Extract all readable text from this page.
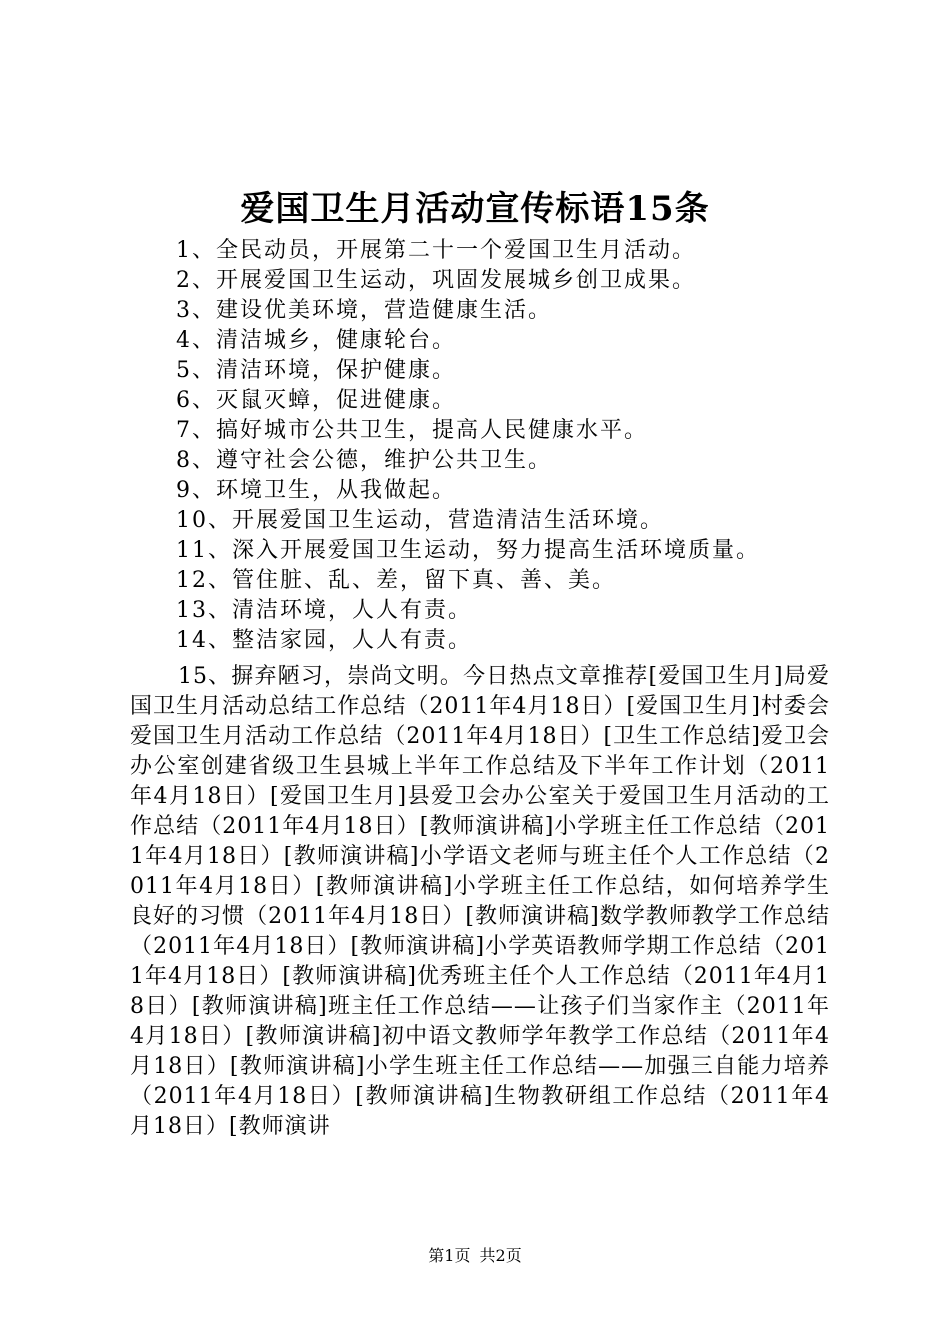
爱国卫生月活动宣传标语15条
1、全民动员，开展第二十一个爱国卫生月活动。
2、开展爱国卫生运动，巩固发展城乡创卫成果。
3、建设优美环境，营造健康生活。
4、清洁城乡，健康轮台。
5、清洁环境，保护健康。
6、灭鼠灭蟑，促进健康。
7、搞好城市公共卫生，提高人民健康水平。
8、遵守社会公德，维护公共卫生。
9、环境卫生，从我做起。
10、开展爱国卫生运动，营造清洁生活环境。
11、深入开展爱国卫生运动，努力提高生活环境质量。
12、管住脏、乱、差，留下真、善、美。
13、清洁环境，人人有责。
14、整洁家园，人人有责。

15、摒弃陋习，崇尚文明。今日热点文章推荐[爱国卫生月]局爱国卫生月活动总结工作总结（2011年4月18日）[爱国卫生月]村委会爱国卫生月活动工作总结（2011年4月18日）[卫生工作总结]爱卫会办公室创建省级卫生县城上半年工作总结及下半年工作计划（2011年4月18日）[爱国卫生月]县爱卫会办公室关于爱国卫生月活动的工作总结（2011年4月18日）[教师演讲稿]小学班主任工作总结（2011年4月18日）[教师演讲稿]小学语文老师与班主任个人工作总结（2011年4月18日）[教师演讲稿]小学班主任工作总结，如何培养学生良好的习惯（2011年4月18日）[教师演讲稿]数学教师教学工作总结（2011年4月18日）[教师演讲稿]小学英语教师学期工作总结（2011年4月18日）[教师演讲稿]优秀班主任个人工作总结（2011年4月18日）[教师演讲稿]班主任工作总结——让孩子们当家作主（2011年4月18日）[教师演讲稿]初中语文教师学年教学工作总结（2011年4月18日）[教师演讲稿]小学生班主任工作总结——加强三自能力培养（2011年4月18日）[教师演讲稿]生物教研组工作总结（2011年4月18日）[教师演讲

第1页 共2页
